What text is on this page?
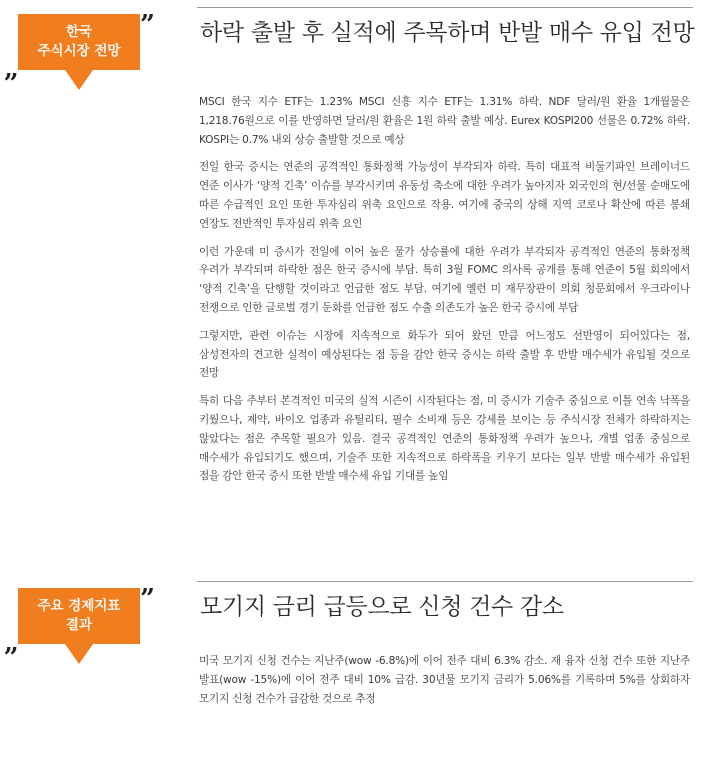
”
한국
주식시장 전망
„
하락 출발 후 실적에 주목하며 반발 매수 유입 전망

MSCI 한국 지수 ETF는 1.23% MSCI 신흥 지수 ETF는 1.31% 하락. NDF 달러/원 환율 1개월물은 1,218.76원으로 이를 반영하면 달러/원 환율은 1원 하락 출발 예상. Eurex KOSPI200 선물은 0.72% 하락. KOSPI는 0.7% 내외 상승 출발할 것으로 예상

전일 한국 증시는 연준의 공격적인 통화정책 가능성이 부각되자 하락. 특히 대표적 비둘기파인 브레이너드 연준 이사가 ‘양적 긴축’ 이슈를 부각시키며 유동성 축소에 대한 우려가 높아지자 외국인의 현/선물 순매도에 따른 수급적인 요인 또한 투자심리 위축 요인으로 작용. 여기에 중국의 상해 지역 코로나 확산에 따른 봉쇄 연장도 전반적인 투자심리 위축 요인

이런 가운데 미 증시가 전일에 이어 높은 물가 상승률에 대한 우려가 부각되자 공격적인 연준의 통화정책 우려가 부각되며 하락한 점은 한국 증시에 부담. 특히 3월 FOMC 의사록 공개를 통해 연준이 5월 회의에서 ‘양적 긴축’을 단행할 것이라고 언급한 점도 부담. 여기에 옐런 미 재무장관이 의회 청문회에서 우크라이나 전쟁으로 인한 글로벌 경기 둔화를 언급한 점도 수출 의존도가 높은 한국 증시에 부담

그렇지만, 관련 이슈는 시장에 지속적으로 화두가 되어 왔던 만큼 어느정도 선반영이 되어있다는 점, 삼성전자의 견고한 실적이 예상된다는 점 등을 감안 한국 증시는 하락 출발 후 반발 매수세가 유입될 것으로 전망

특히 다음 주부터 본격적인 미국의 실적 시즌이 시작된다는 점, 미 증시가 기술주 중심으로 이틀 연속 낙폭을 키웠으나, 제약, 바이오 업종과 유틸리티, 필수 소비재 등은 강세를 보이는 등 주식시장 전체가 하락하지는 않았다는 점은 주목할 필요가 있음. 결국 공격적인 연준의 통화정책 우려가 높으나, 개별 업종 중심으로 매수세가 유입되기도 했으며, 기술주 또한 지속적으로 하락폭을 키우기 보다는 일부 반발 매수세가 유입된 점을 감안 한국 증시 또한 반발 매수세 유입 기대를 높임

”
주요 경제지표
결과
„
모기지 금리 급등으로 신청 건수 감소

미국 모기지 신청 건수는 지난주(wow -6.8%)에 이어 전주 대비 6.3% 감소. 재 융자 신청 건수 또한 지난주 발표(wow -15%)에 이어 전주 대비 10% 급감. 30년물 모기지 금리가 5.06%를 기록하며 5%를 상회하자 모기지 신청 건수가 급감한 것으로 추정
